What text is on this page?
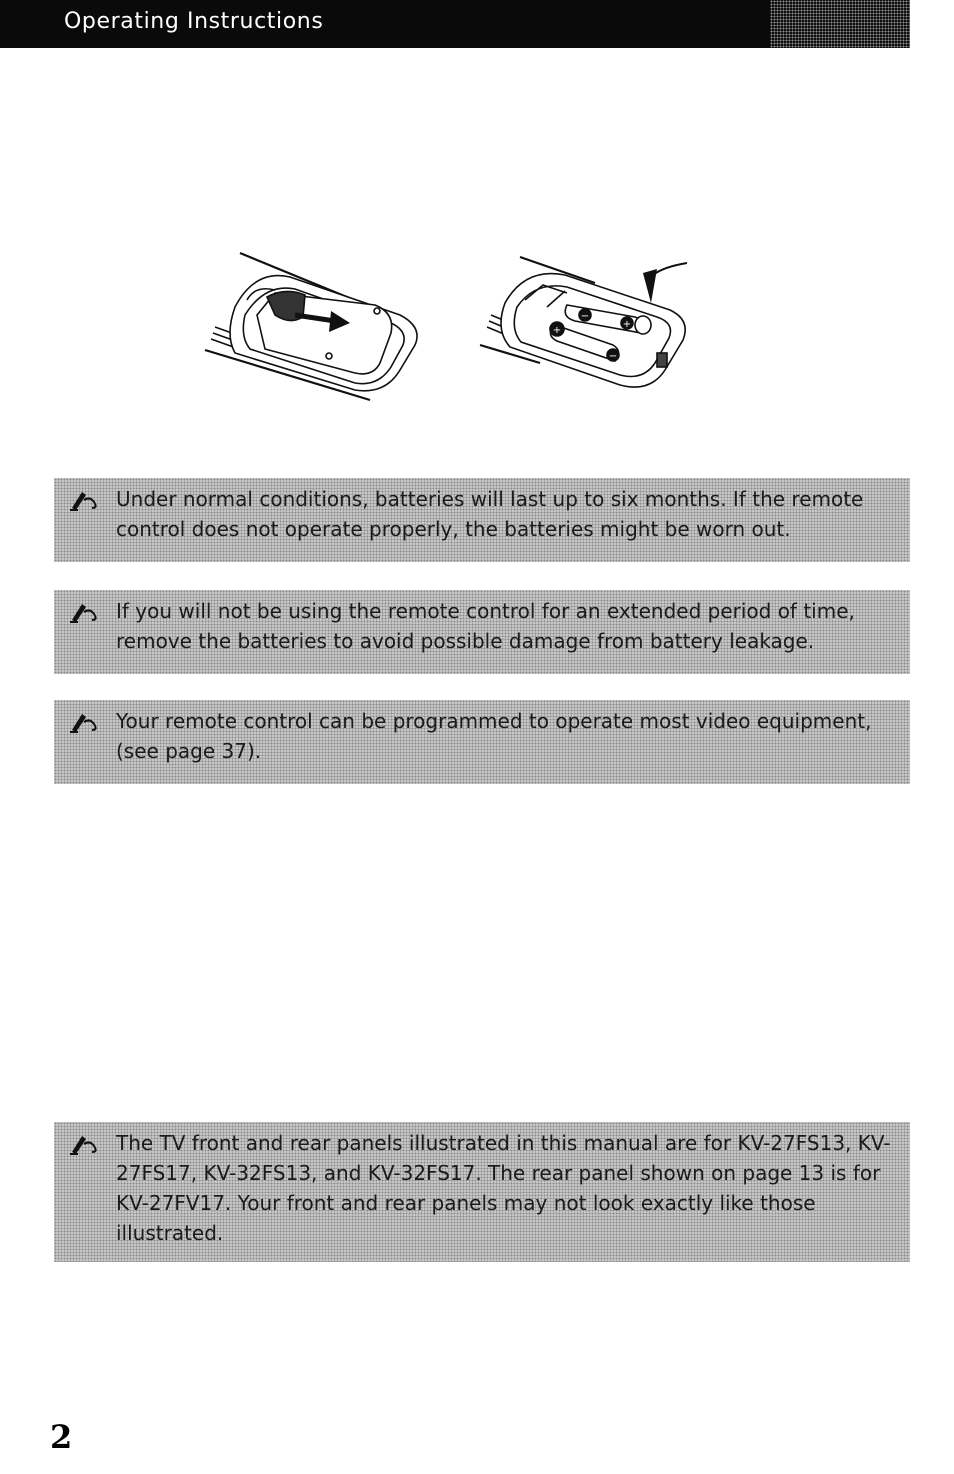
Operating Instructions
−
+
+
−
Under normal conditions, batteries will last up to six months. If the remote control does not operate properly, the batteries might be worn out.
If you will not be using the remote control for an extended period of time, remove the batteries to avoid possible damage from battery leakage.
Your remote control can be programmed to operate most video equipment, (see page 37).
The TV front and rear panels illustrated in this manual are for KV-27FS13, KV-27FS17, KV-32FS13, and KV-32FS17. The rear panel shown on page 13 is for KV-27FV17. Your front and rear panels may not look exactly like those illustrated.
2
